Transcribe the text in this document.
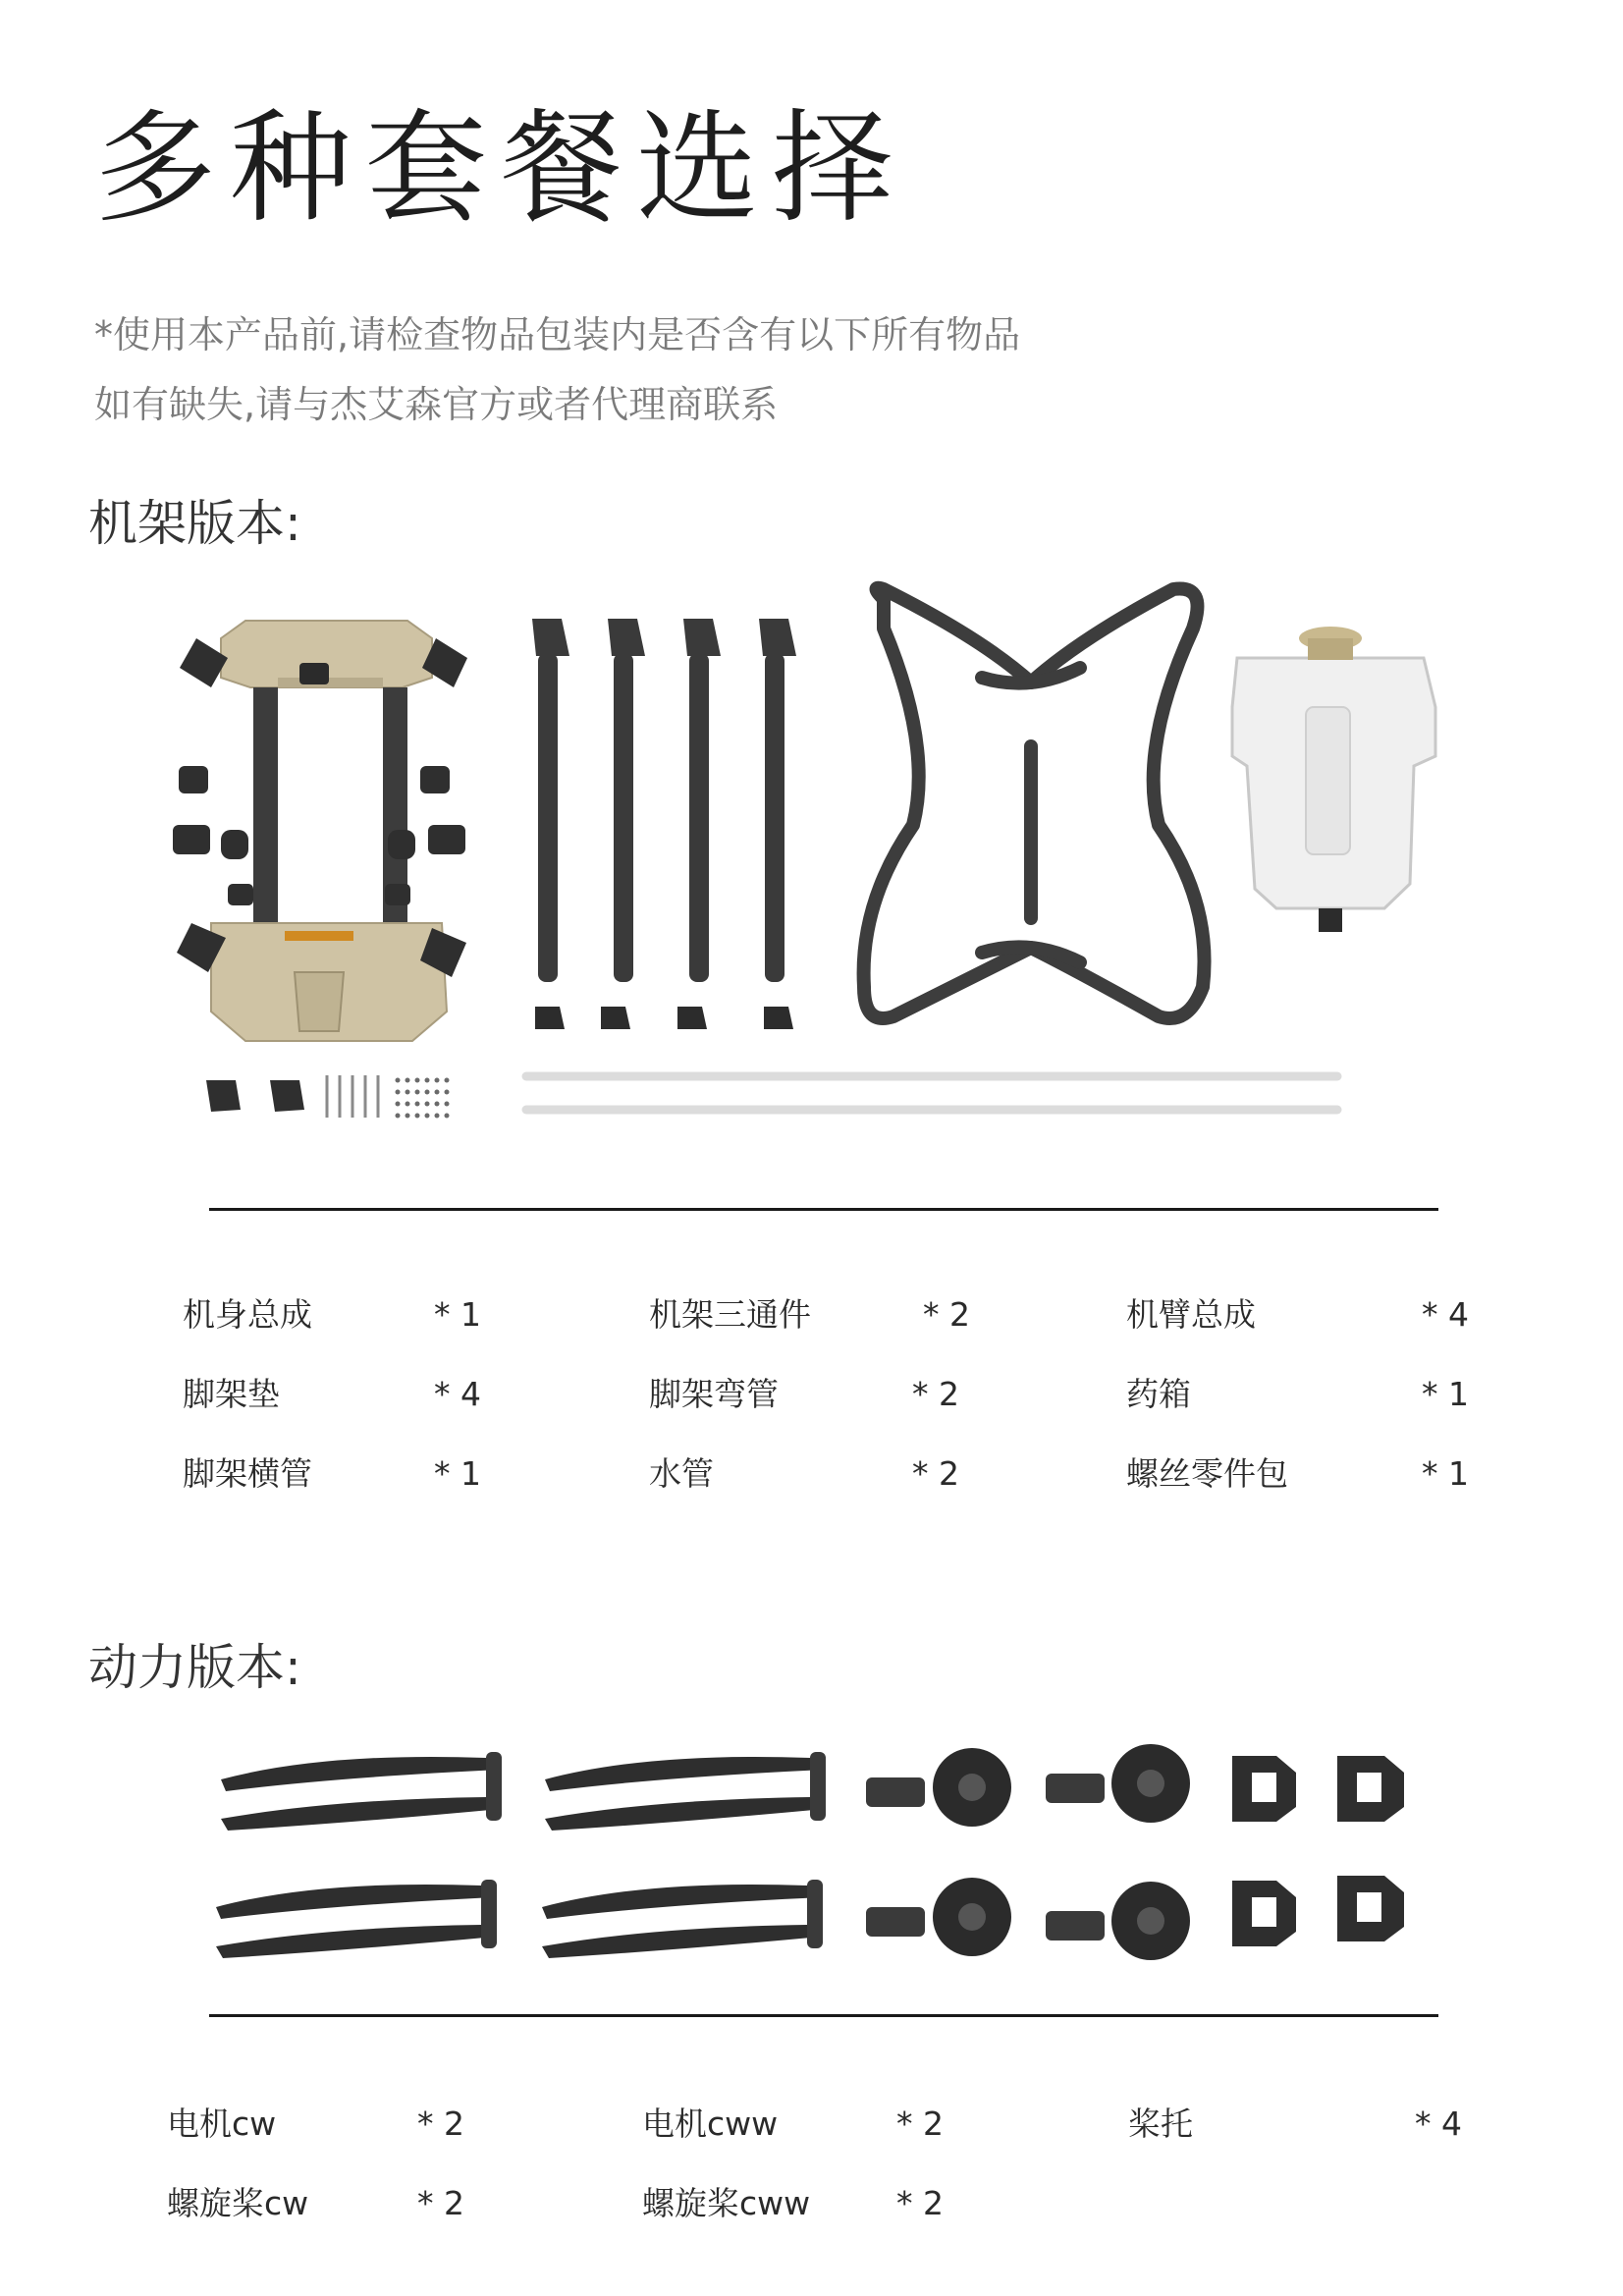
多种套餐选择
*使用本产品前,请检查物品包装内是否含有以下所有物品
如有缺失,请与杰艾森官方或者代理商联系
机架版本:
机身总成	* 1	机架三通件	* 2	机臂总成	* 4
脚架垫	* 4	脚架弯管	* 2	药箱	* 1
脚架横管	* 1	水管	* 2	螺丝零件包	* 1
动力版本:
电机cw	* 2	电机cww	* 2	桨托	* 4
螺旋桨cw	* 2	螺旋桨cww	* 2
